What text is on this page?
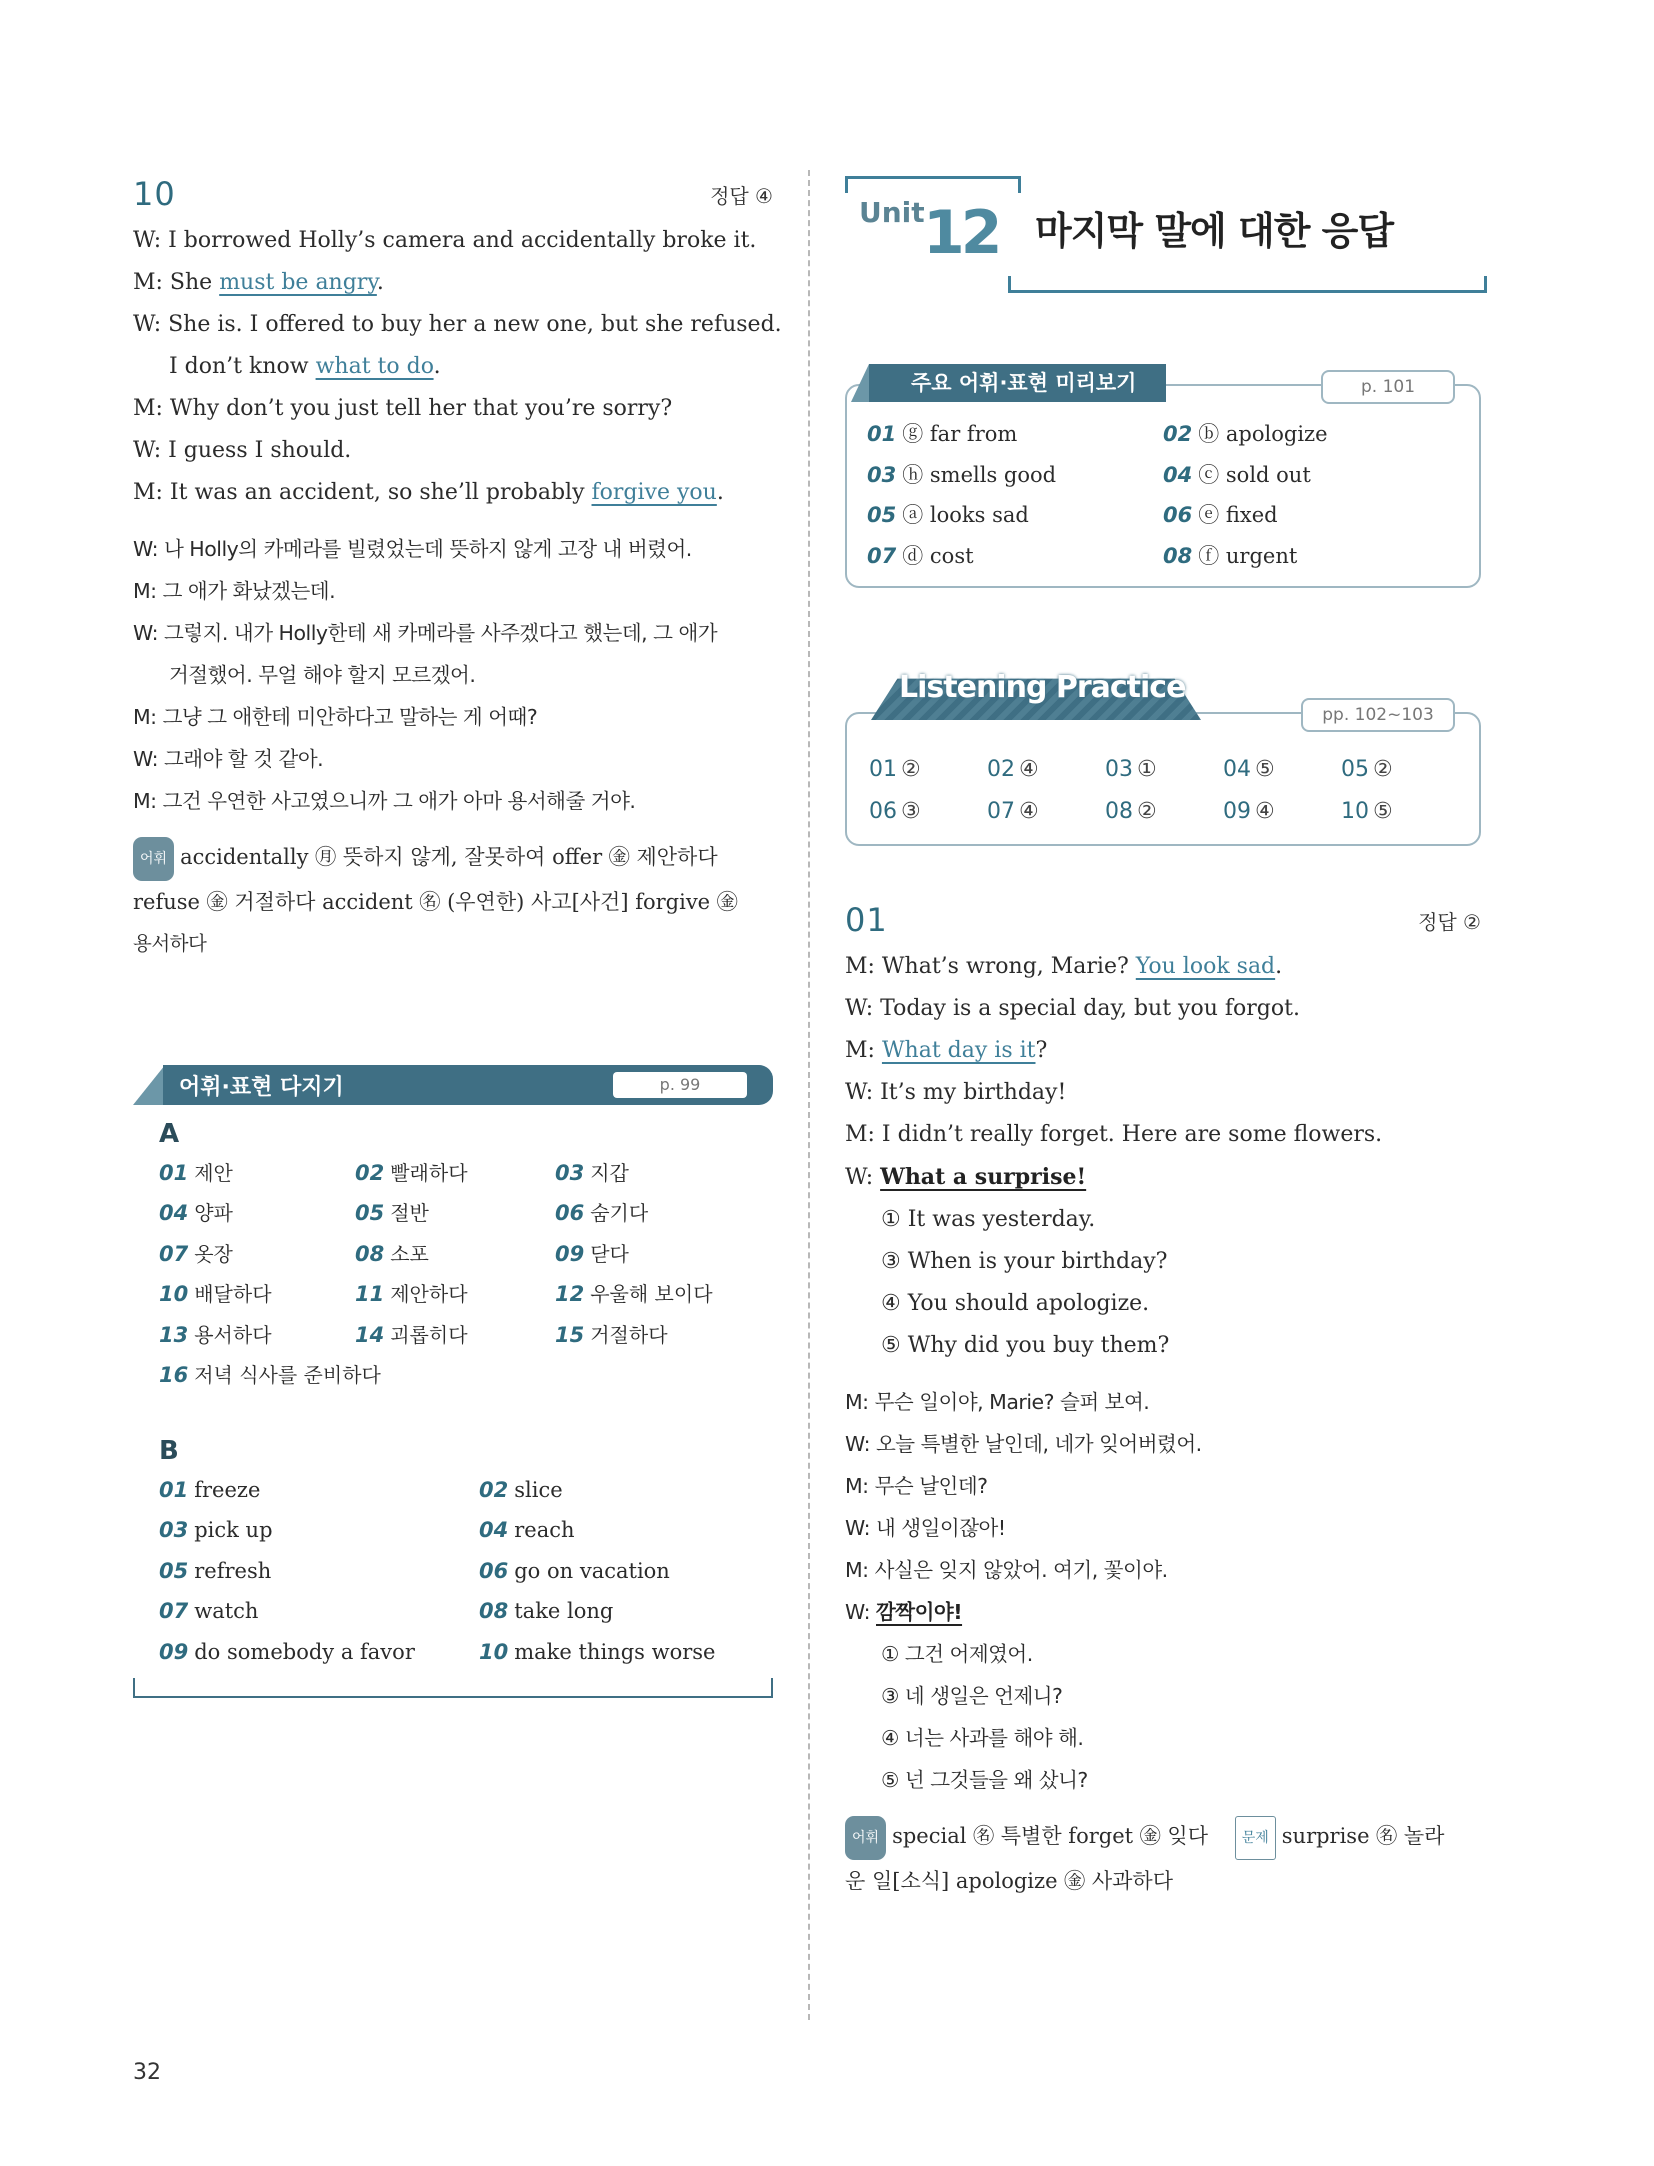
10	정답 ④

W: I borrowed Holly’s camera and accidentally broke it.

M: She must be angry.

W: She is. I offered to buy her a new one, but she refused.

I don’t know what to do.

M: Why don’t you just tell her that you’re sorry?

W: I guess I should.

M: It was an accident, so she’ll probably forgive you.

W: 나 Holly의 카메라를 빌렸었는데 뜻하지 않게 고장 내 버렸어.

M: 그 애가 화났겠는데.

W: 그렇지. 내가 Holly한테 새 카메라를 사주겠다고 했는데, 그 애가

거절했어. 무얼 해야 할지 모르겠어.

M: 그냥 그 애한테 미안하다고 말하는 게 어때?

W: 그래야 할 것 같아.

M: 그건 우연한 사고였으니까 그 애가 아마 용서해줄 거야.

어휘 accidentally ㊊ 뜻하지 않게, 잘못하여 offer ㊎ 제안하다
refuse ㊎ 거절하다 accident ㊔ (우연한) 사고[사건] forgive ㊎
용서하다
어휘·표현 다지기	p. 99
A
01 제안	02 빨래하다	03 지갑
04 양파	05 절반	06 숨기다
07 옷장	08 소포	09 닫다
10 배달하다	11 제안하다	12 우울해 보이다
13 용서하다	14 괴롭히다	15 거절하다
16 저녁 식사를 준비하다
B
01 freeze	02 slice
03 pick up	04 reach
05 refresh	06 go on vacation
07 watch	08 take long
09 do somebody a favor	10 make things worse
Unit
12 마지막 말에 대한 응답
주요 어휘·표현 미리보기	p. 101
01 ⓖ far from	02 ⓑ apologize
03 ⓗ smells good	04 ⓒ sold out
05 ⓐ looks sad	06 ⓔ fixed
07 ⓓ cost	08 ⓕ urgent
Listening Practice
pp. 102~103
01 ②	02 ④	03 ①	04 ⑤	05 ②
06 ③	07 ④	08 ②	09 ④	10 ⑤
01	정답 ②

M: What’s wrong, Marie? You look sad.

W: Today is a special day, but you forgot.

M: What day is it?

W: It’s my birthday!

M: I didn’t really forget. Here are some flowers.

W: What a surprise!

① It was yesterday.

③ When is your birthday?

④ You should apologize.

⑤ Why did you buy them?

M: 무슨 일이야, Marie? 슬퍼 보여.

W: 오늘 특별한 날인데, 네가 잊어버렸어.

M: 무슨 날인데?

W: 내 생일이잖아!

M: 사실은 잊지 않았어. 여기, 꽃이야.

W: 깜짝이야!

① 그건 어제였어.

③ 네 생일은 언제니?

④ 너는 사과를 해야 해.

⑤ 넌 그것들을 왜 샀니?

어휘 special ㊔ 특별한 forget ㊎ 잊다 문제 surprise ㊔ 놀라
운 일[소식] apologize ㊎ 사과하다
32
